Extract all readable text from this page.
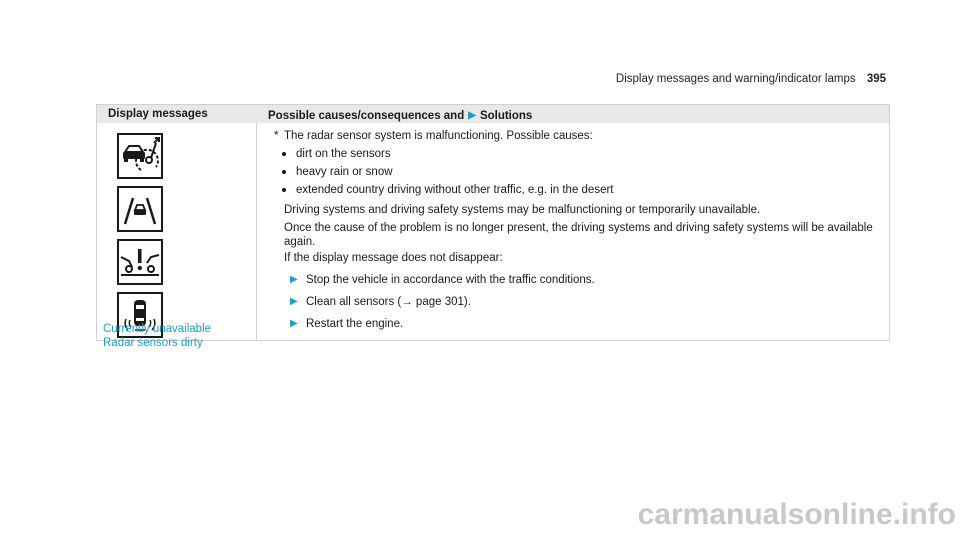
Display messages and warning/indicator lamps 395
Display messages	Possible causes/consequences and ▶ Solutions
Currently unavailable
Radar sensors dirty
* The radar sensor system is malfunctioning. Possible causes:
dirt on the sensors
heavy rain or snow
extended country driving without other traffic, e.g. in the desert
Driving systems and driving safety systems may be malfunctioning or temporarily unavailable.
Once the cause of the problem is no longer present, the driving systems and driving safety systems will be available
again.
If the display message does not disappear:
▶ Stop the vehicle in accordance with the traffic conditions.
▶ Clean all sensors (→ page 301).
▶ Restart the engine.
carmanualsonline.info
